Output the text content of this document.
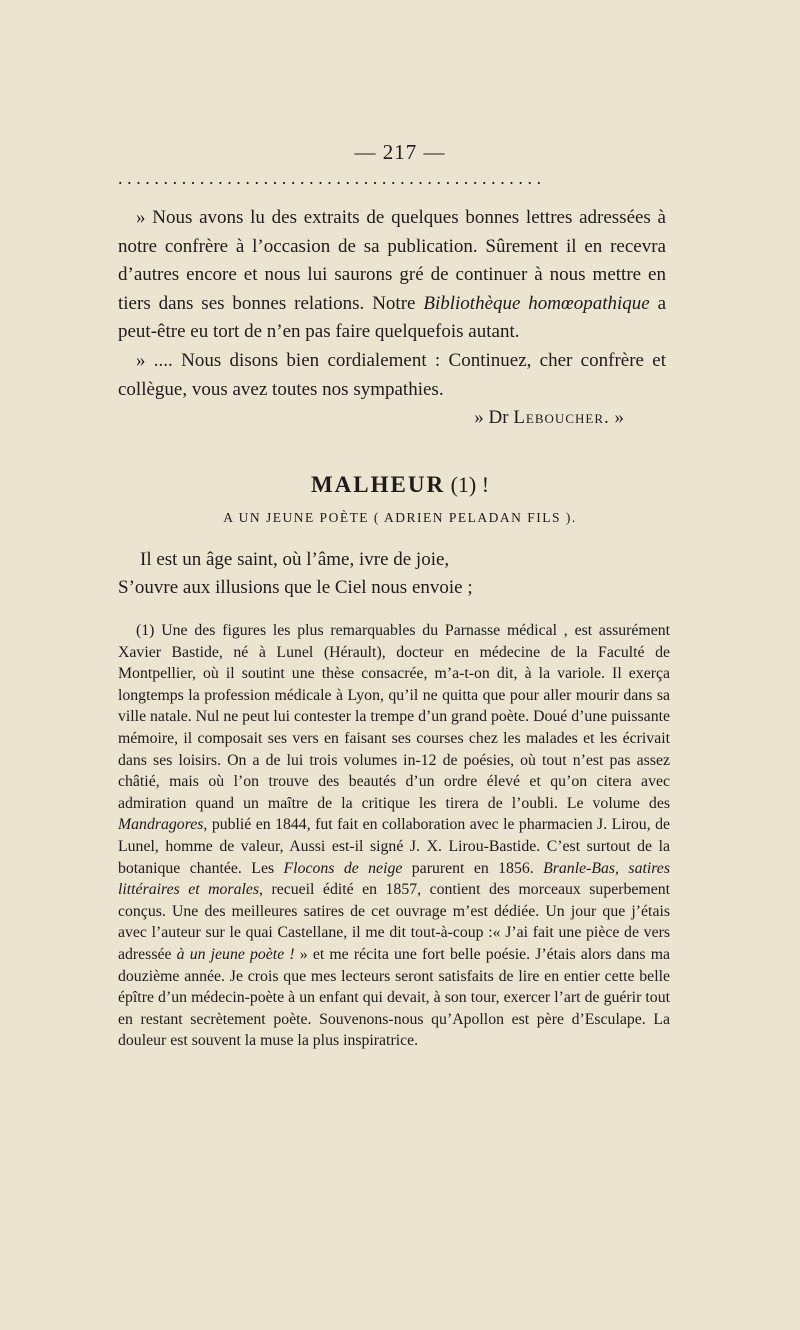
— 217 —
...............................................

» Nous avons lu des extraits de quelques bonnes lettres adressées à notre confrère à l’occasion de sa publication. Sûrement il en recevra d’autres encore et nous lui saurons gré de continuer à nous mettre en tiers dans ses bonnes relations. Notre Bibliothèque homœopathique a peut-être eu tort de n’en pas faire quelquefois autant.

» .... Nous disons bien cordialement : Continuez, cher confrère et collègue, vous avez toutes nos sympathies.

» Dr Leboucher. »

MALHEUR (1) !
A UN JEUNE POÈTE ( ADRIEN PELADAN FILS ).
Il est un âge saint, où l’âme, ivre de joie,
S’ouvre aux illusions que le Ciel nous envoie ;

(1) Une des figures les plus remarquables du Parnasse médical , est assurément Xavier Bastide, né à Lunel (Hérault), docteur en médecine de la Faculté de Montpellier, où il soutint une thèse consacrée, m’a-t-on dit, à la variole. Il exerça longtemps la profession médicale à Lyon, qu’il ne quitta que pour aller mourir dans sa ville natale. Nul ne peut lui contester la trempe d’un grand poète. Doué d’une puissante mémoire, il composait ses vers en faisant ses courses chez les malades et les écrivait dans ses loisirs. On a de lui trois volumes in-12 de poésies, où tout n’est pas assez châtié, mais où l’on trouve des beautés d’un ordre élevé et qu’on citera avec admiration quand un maître de la critique les tirera de l’oubli. Le volume des Mandragores, publié en 1844, fut fait en collaboration avec le pharmacien J. Lirou, de Lunel, homme de valeur, Aussi est-il signé J. X. Lirou-Bastide. C’est surtout de la botanique chantée. Les Flocons de neige parurent en 1856. Branle-Bas, satires littéraires et morales, recueil édité en 1857, contient des morceaux superbement conçus. Une des meilleures satires de cet ouvrage m’est dédiée. Un jour que j’étais avec l’auteur sur le quai Castellane, il me dit tout-à-coup :« J’ai fait une pièce de vers adressée à un jeune poète ! » et me récita une fort belle poésie. J’étais alors dans ma douzième année. Je crois que mes lecteurs seront satisfaits de lire en entier cette belle épître d’un médecin-poète à un enfant qui devait, à son tour, exercer l’art de guérir tout en restant secrètement poète. Souvenons-nous qu’Apollon est père d’Esculape. La douleur est souvent la muse la plus inspiratrice.
